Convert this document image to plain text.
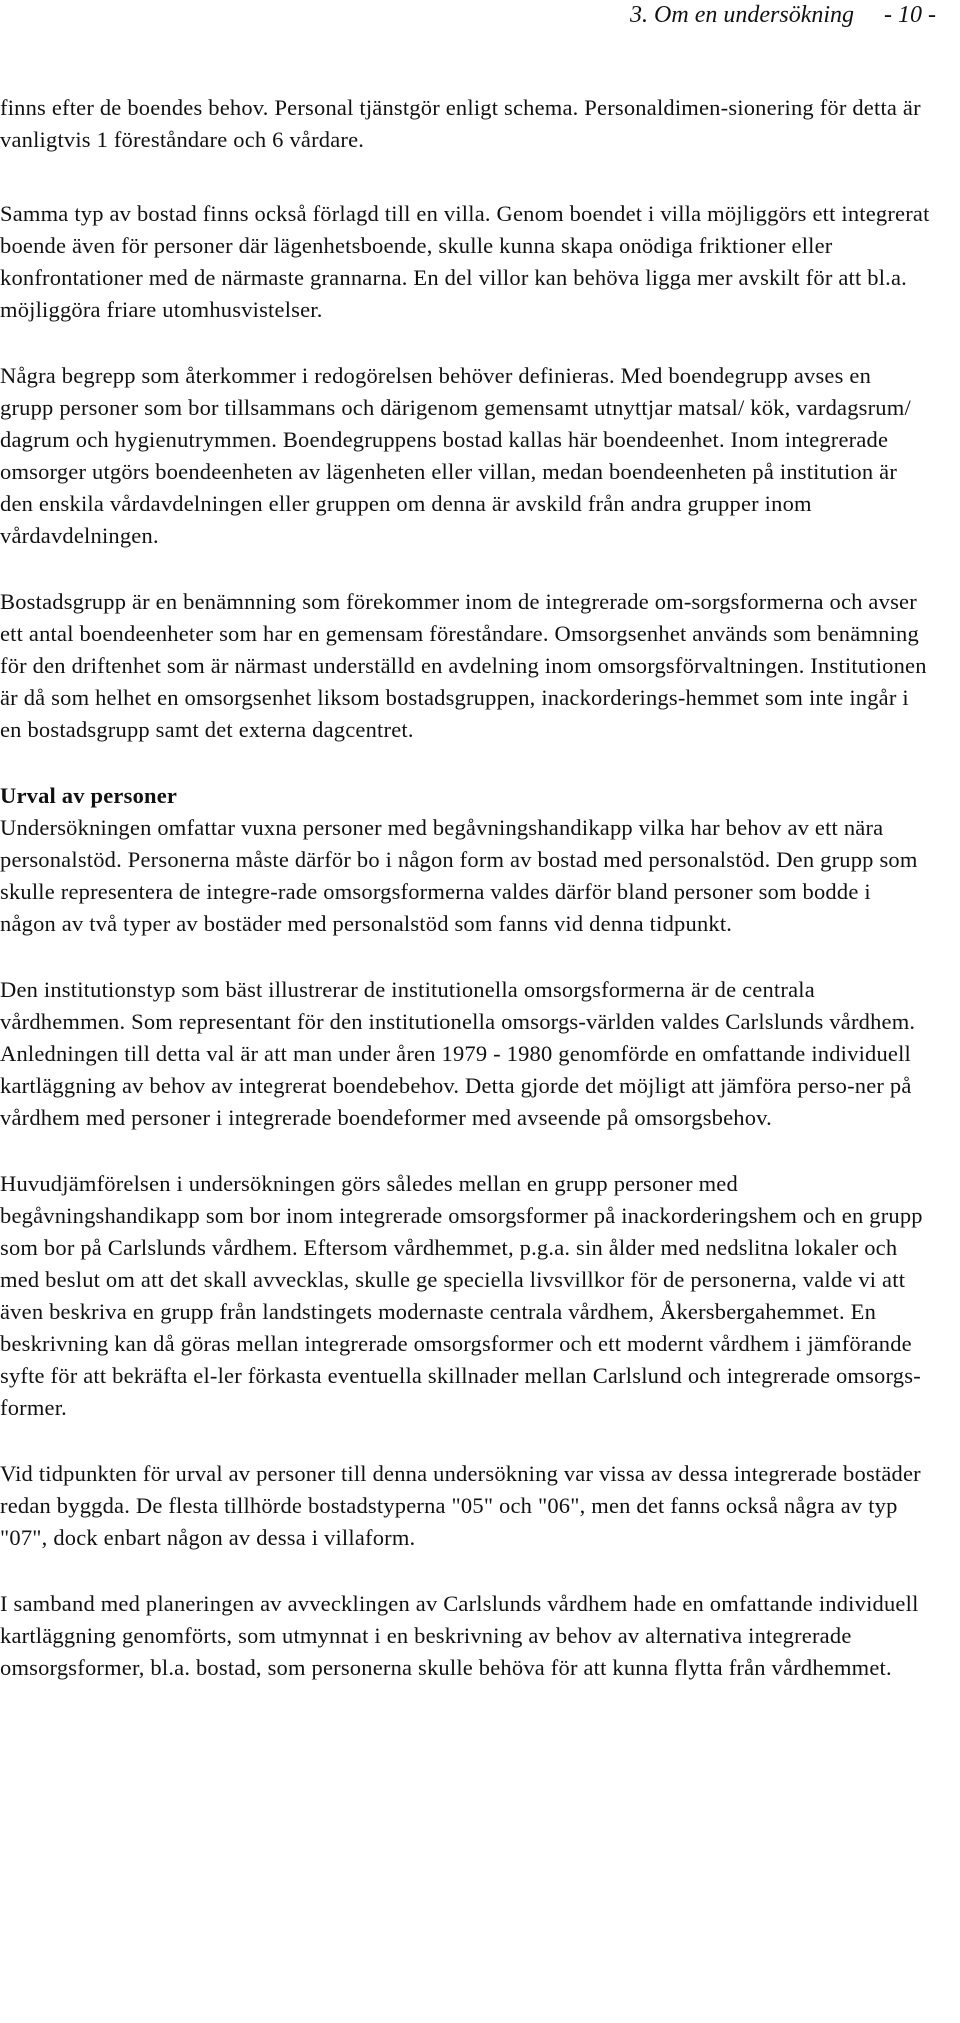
3. Om en undersökning - 10 -

finns efter de boendes behov. Personal tjänstgör enligt schema. Personaldimen-sionering för detta är vanligtvis 1 föreståndare och 6 vårdare.

Samma typ av bostad finns också förlagd till en villa. Genom boendet i villa möjliggörs ett integrerat boende även för personer där lägenhetsboende, skulle kunna skapa onödiga friktioner eller konfrontationer med de närmaste grannarna. En del villor kan behöva ligga mer avskilt för att bl.a. möjliggöra friare utomhusvistelser.

Några begrepp som återkommer i redogörelsen behöver definieras. Med boendegrupp avses en grupp personer som bor tillsammans och därigenom gemensamt utnyttjar matsal/ kök, vardagsrum/ dagrum och hygienutrymmen. Boendegruppens bostad kallas här boendeenhet. Inom integrerade omsorger utgörs boendeenheten av lägenheten eller villan, medan boendeenheten på institution är den enskila vårdavdelningen eller gruppen om denna är avskild från andra grupper inom vårdavdelningen.

Bostadsgrupp är en benämnning som förekommer inom de integrerade om-sorgsformerna och avser ett antal boendeenheter som har en gemensam föreståndare. Omsorgsenhet används som benämning för den driftenhet som är närmast underställd en avdelning inom omsorgsförvaltningen. Institutionen är då som helhet en omsorgsenhet liksom bostadsgruppen, inackorderings-hemmet som inte ingår i en bostadsgrupp samt det externa dagcentret.

Urval av personer
Undersökningen omfattar vuxna personer med begåvningshandikapp vilka har behov av ett nära personalstöd. Personerna måste därför bo i någon form av bostad med personalstöd. Den grupp som skulle representera de integre-rade omsorgsformerna valdes därför bland personer som bodde i någon av två typer av bostäder med personalstöd som fanns vid denna tidpunkt.

Den institutionstyp som bäst illustrerar de institutionella omsorgsformerna är de centrala vårdhemmen. Som representant för den institutionella omsorgs-världen valdes Carlslunds vårdhem. Anledningen till detta val är att man under åren 1979 - 1980 genomförde en omfattande individuell kartläggning av behov av integrerat boendebehov. Detta gjorde det möjligt att jämföra perso-ner på vårdhem med personer i integrerade boendeformer med avseende på omsorgsbehov.

Huvudjämförelsen i undersökningen görs således mellan en grupp personer med begåvningshandikapp som bor inom integrerade omsorgsformer på inackorderingshem och en grupp som bor på Carlslunds vårdhem. Eftersom vårdhemmet, p.g.a. sin ålder med nedslitna lokaler och med beslut om att det skall avvecklas, skulle ge speciella livsvillkor för de personerna, valde vi att även beskriva en grupp från landstingets modernaste centrala vårdhem, Åkersbergahemmet. En beskrivning kan då göras mellan integrerade omsorgsformer och ett modernt vårdhem i jämförande syfte för att bekräfta el-ler förkasta eventuella skillnader mellan Carlslund och integrerade omsorgs-former.

Vid tidpunkten för urval av personer till denna undersökning var vissa av dessa integrerade bostäder redan byggda. De flesta tillhörde bostadstyperna "05" och "06", men det fanns också några av typ "07", dock enbart någon av dessa i villaform.

I samband med planeringen av avvecklingen av Carlslunds vårdhem hade en omfattande individuell kartläggning genomförts, som utmynnat i en beskrivning av behov av alternativa integrerade omsorgsformer, bl.a. bostad, som personerna skulle behöva för att kunna flytta från vårdhemmet.
